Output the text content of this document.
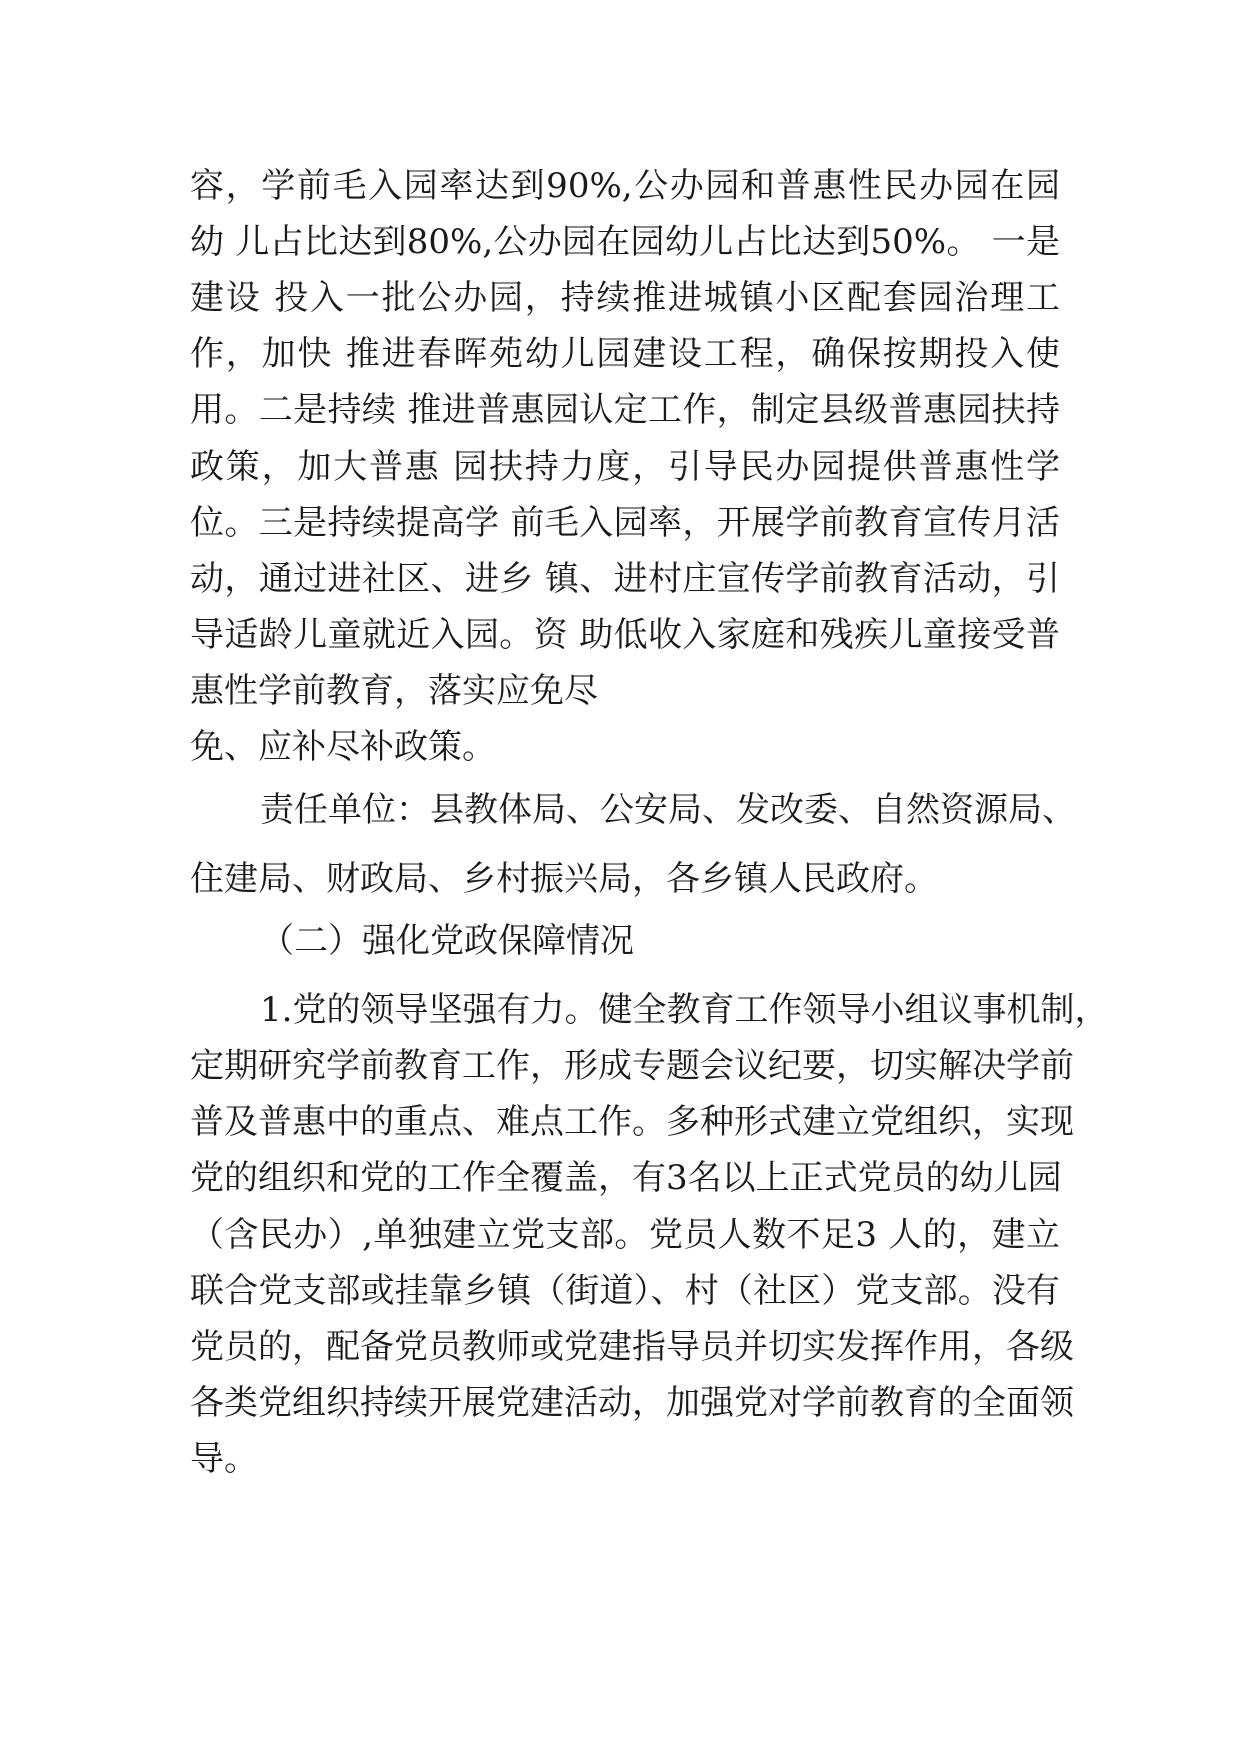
容，学前毛入园率达到90%,公办园和普惠性民办园在园
幼 儿占比达到80%,公办园在园幼儿占比达到50%。 一是
建设 投入一批公办园，持续推进城镇小区配套园治理工
作，加快 推进春晖苑幼儿园建设工程，确保按期投入使
用。二是持续 推进普惠园认定工作，制定县级普惠园扶持
政策，加大普惠 园扶持力度，引导民办园提供普惠性学
位。三是持续提高学 前毛入园率，开展学前教育宣传月活
动，通过进社区、进乡 镇、进村庄宣传学前教育活动，引
导适龄儿童就近入园。资 助低收入家庭和残疾儿童接受普
惠性学前教育，落实应免尽
免、应补尽补政策。
责任单位：县教体局、公安局、发改委、自然资源局、
住建局、财政局、乡村振兴局，各乡镇人民政府。
（二）强化党政保障情况
1.党的领导坚强有力。健全教育工作领导小组议事机制，
定期研究学前教育工作，形成专题会议纪要，切实解决学前
普及普惠中的重点、难点工作。多种形式建立党组织，实现
党的组织和党的工作全覆盖，有3名以上正式党员的幼儿园
（含民办）,单独建立党支部。党员人数不足3 人的，建立
联合党支部或挂靠乡镇（街道）、村（社区）党支部。没有
党员的，配备党员教师或党建指导员并切实发挥作用，各级
各类党组织持续开展党建活动，加强党对学前教育的全面领
导。
